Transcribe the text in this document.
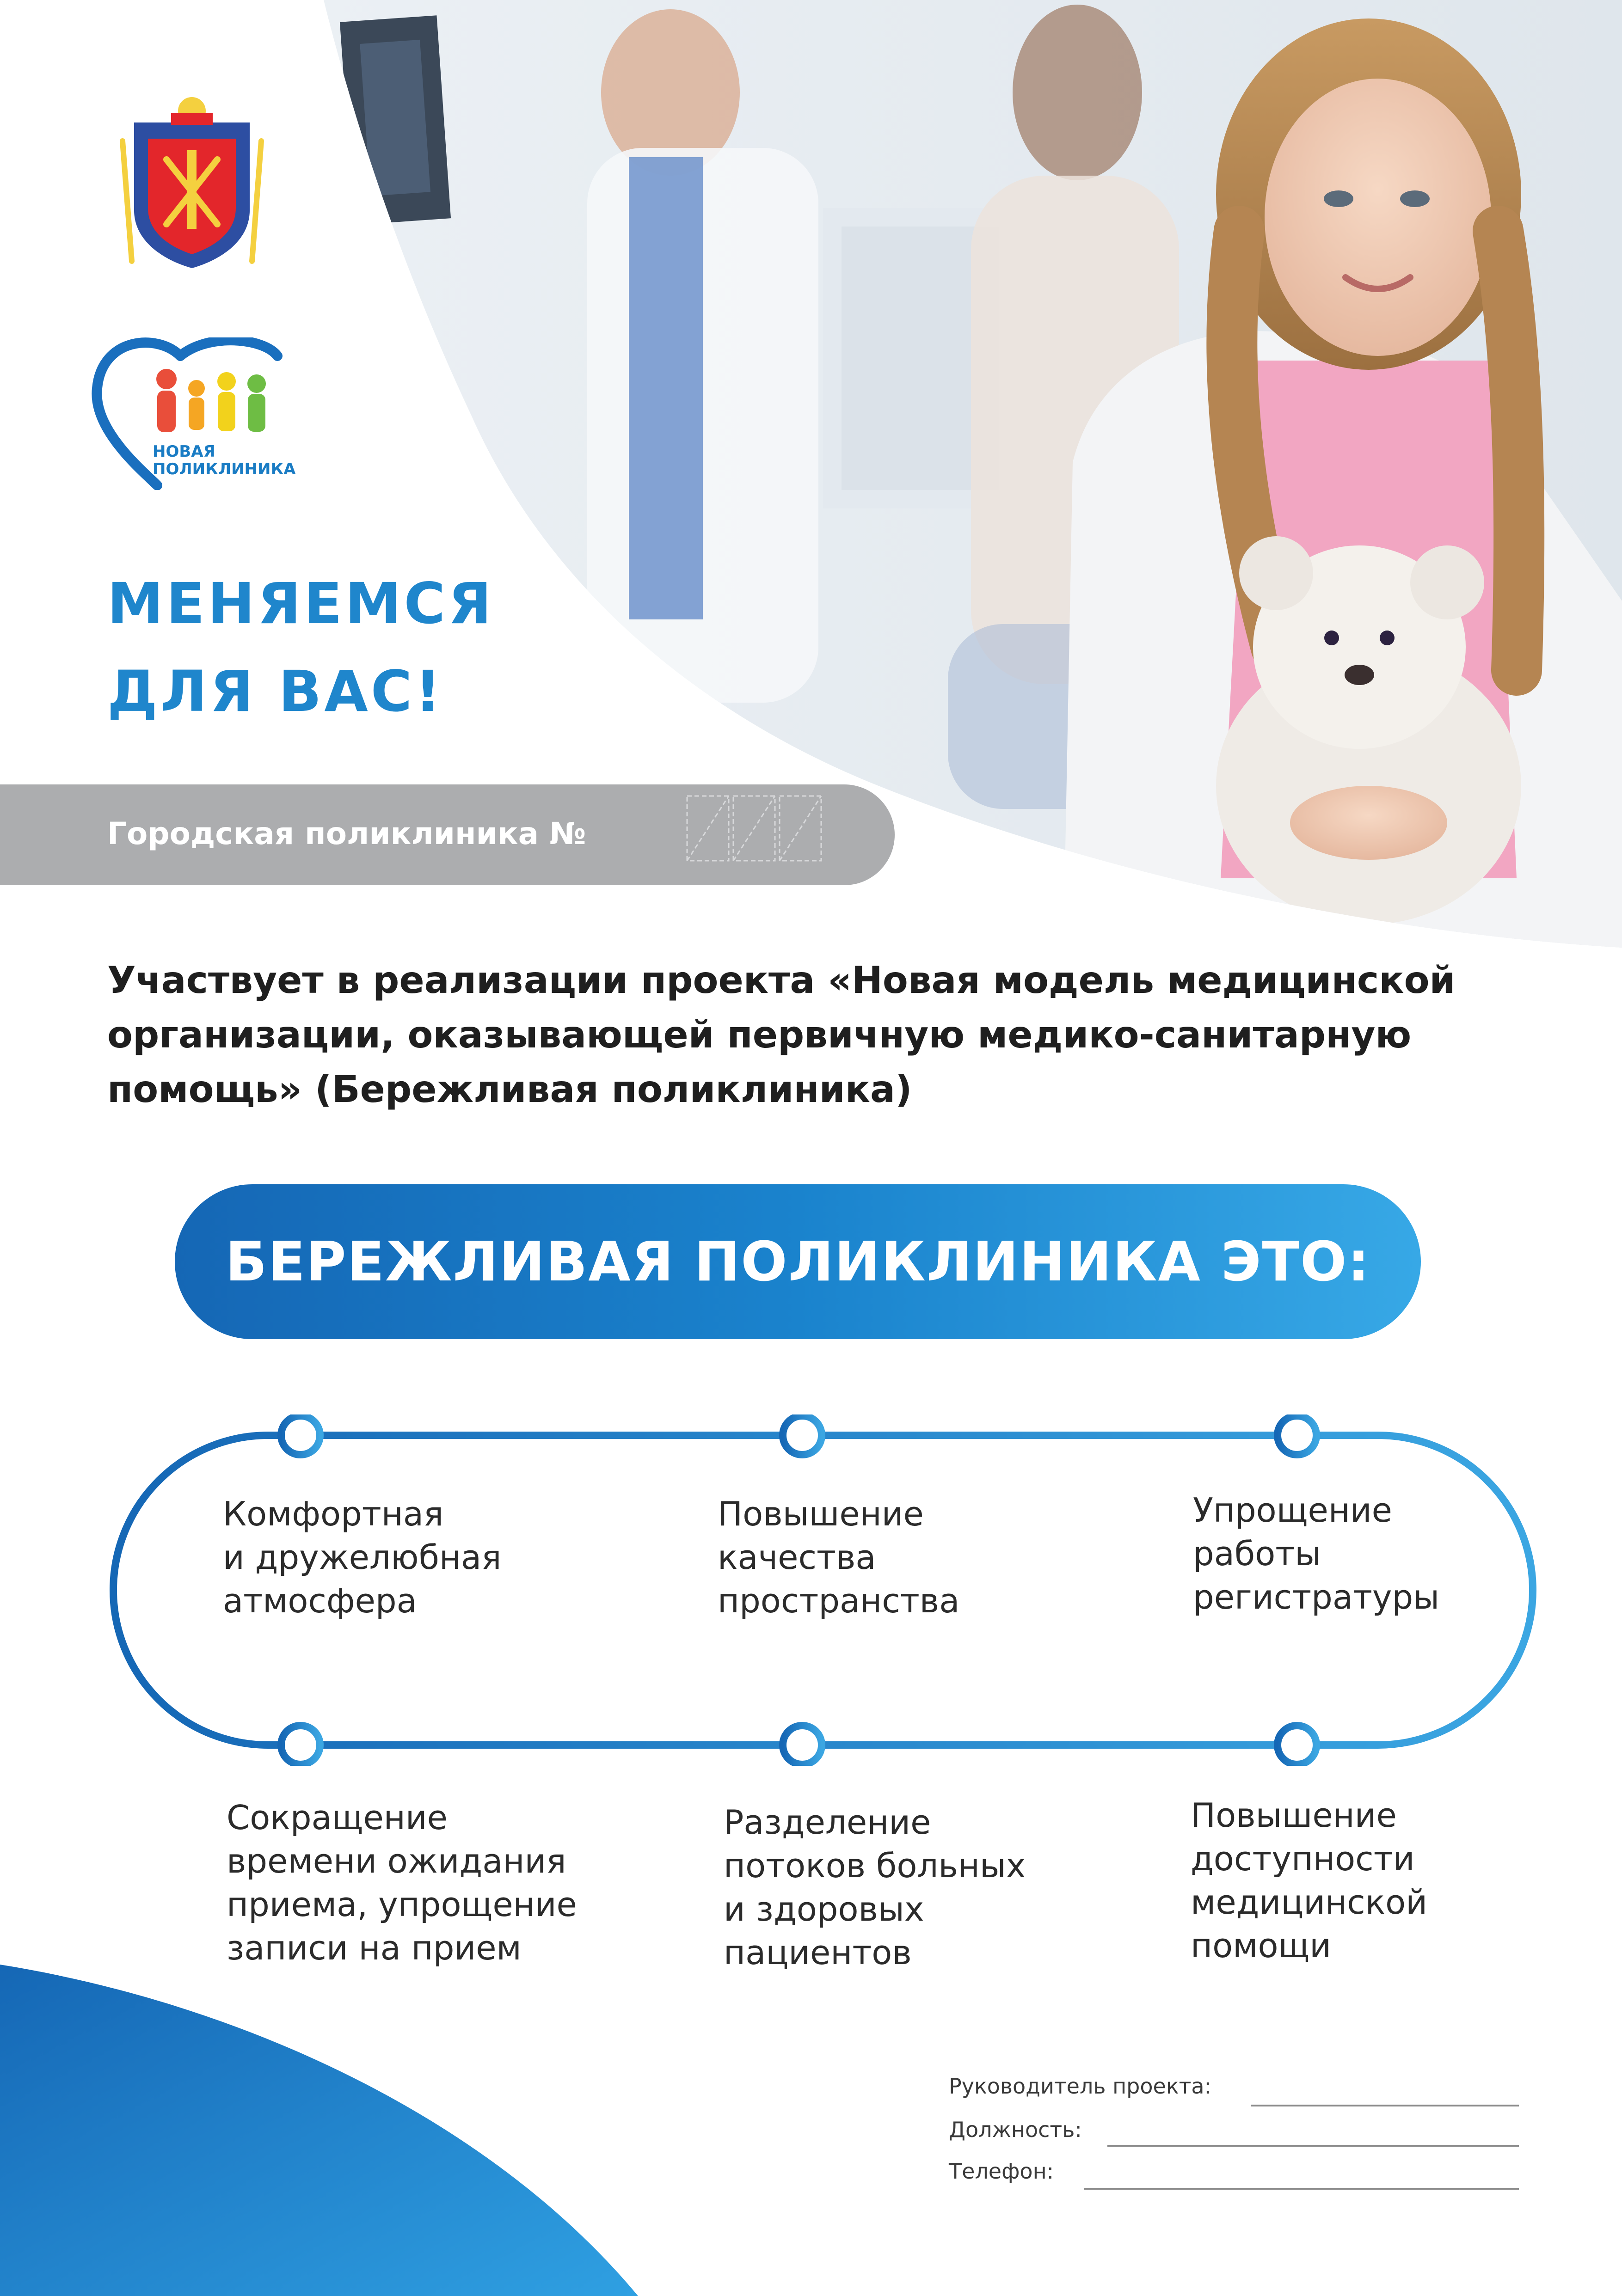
НОВАЯ
ПОЛИКЛИНИКА
МЕНЯЕМСЯ
ДЛЯ ВАС!
Городская поликлиника №

Участвует в реализации проекта «Новая модель медицинской
организации, оказывающей первичную медико-санитарную
помощь» (Бережливая поликлиника)

БЕРЕЖЛИВАЯ ПОЛИКЛИНИКА ЭТО:
Комфортная
и дружелюбная
атмосфера
Повышение
качества
пространства
Упрощение
работы
регистратуры
Сокращение
времени ожидания
приема, упрощение
записи на прием
Разделение
потоков больных
и здоровых
пациентов
Повышение
доступности
медицинской
помощи
Руководитель проекта:
Должность:
Телефон:
